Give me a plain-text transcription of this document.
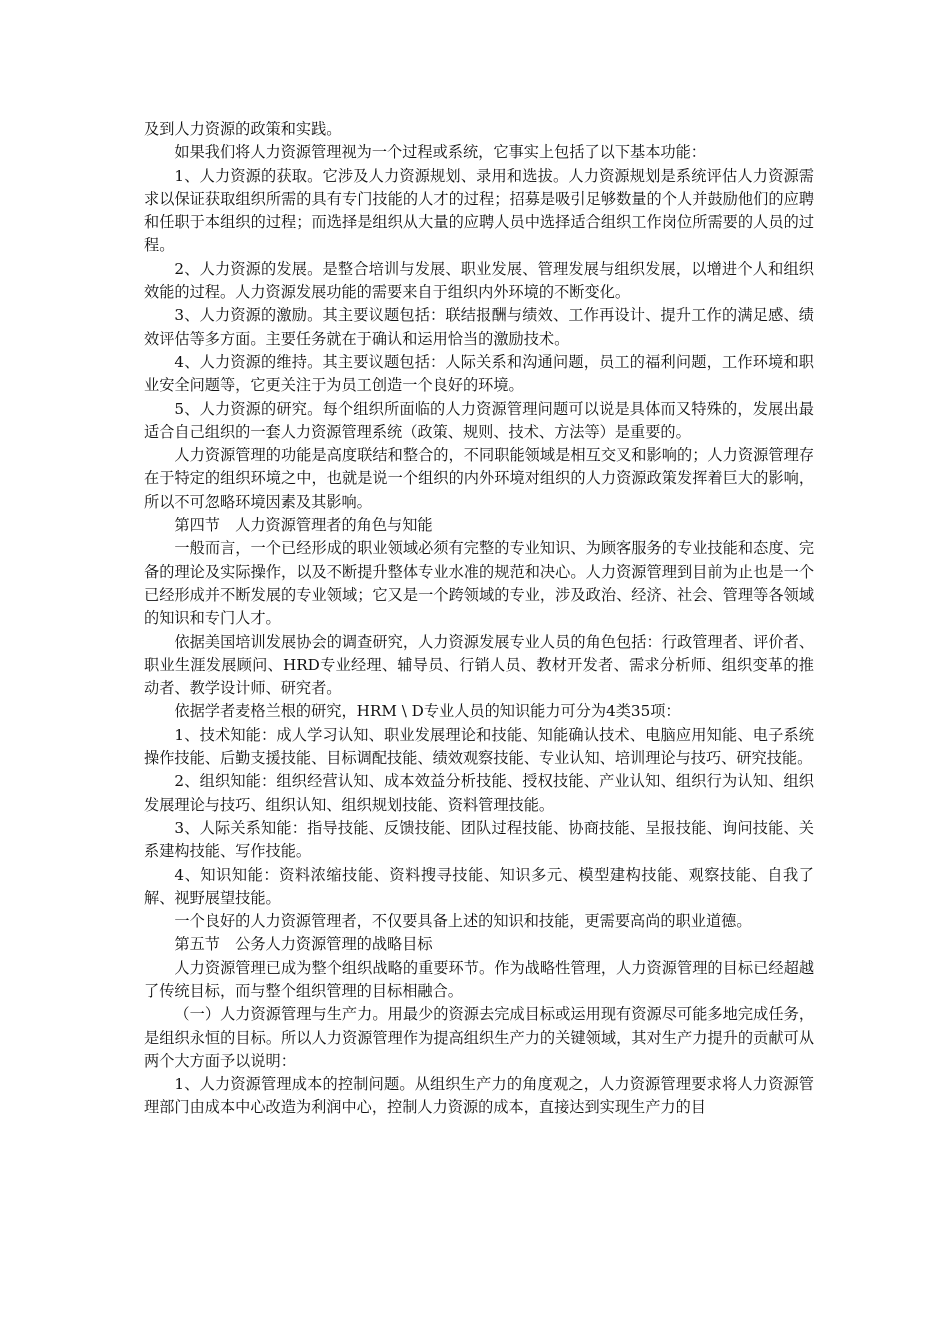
及到人力资源的政策和实践。

如果我们将人力资源管理视为一个过程或系统，它事实上包括了以下基本功能：

1、人力资源的获取。它涉及人力资源规划、录用和选拔。人力资源规划是系统评估人力资源需求以保证获取组织所需的具有专门技能的人才的过程；招募是吸引足够数量的个人并鼓励他们的应聘和任职于本组织的过程；而选择是组织从大量的应聘人员中选择适合组织工作岗位所需要的人员的过程。

2、人力资源的发展。是整合培训与发展、职业发展、管理发展与组织发展，以增进个人和组织效能的过程。人力资源发展功能的需要来自于组织内外环境的不断变化。

3、人力资源的激励。其主要议题包括：联结报酬与绩效、工作再设计、提升工作的满足感、绩效评估等多方面。主要任务就在于确认和运用恰当的激励技术。

4、人力资源的维持。其主要议题包括：人际关系和沟通问题，员工的福利问题，工作环境和职业安全问题等，它更关注于为员工创造一个良好的环境。

5、人力资源的研究。每个组织所面临的人力资源管理问题可以说是具体而又特殊的，发展出最适合自己组织的一套人力资源管理系统（政策、规则、技术、方法等）是重要的。

人力资源管理的功能是高度联结和整合的，不同职能领域是相互交叉和影响的；人力资源管理存在于特定的组织环境之中，也就是说一个组织的内外环境对组织的人力资源政策发挥着巨大的影响，所以不可忽略环境因素及其影响。

第四节　人力资源管理者的角色与知能

一般而言，一个已经形成的职业领域必须有完整的专业知识、为顾客服务的专业技能和态度、完备的理论及实际操作，以及不断提升整体专业水准的规范和决心。人力资源管理到目前为止也是一个已经形成并不断发展的专业领域；它又是一个跨领域的专业，涉及政治、经济、社会、管理等各领域的知识和专门人才。

依据美国培训发展协会的调查研究，人力资源发展专业人员的角色包括：行政管理者、评价者、职业生涯发展顾问、HRD专业经理、辅导员、行销人员、教材开发者、需求分析师、组织变革的推动者、教学设计师、研究者。

依据学者麦格兰根的研究，HRM \ D专业人员的知识能力可分为4类35项：

1、技术知能：成人学习认知、职业发展理论和技能、知能确认技术、电脑应用知能、电子系统操作技能、后勤支援技能、目标调配技能、绩效观察技能、专业认知、培训理论与技巧、研究技能。

2、组织知能：组织经营认知、成本效益分析技能、授权技能、产业认知、组织行为认知、组织发展理论与技巧、组织认知、组织规划技能、资料管理技能。

3、人际关系知能：指导技能、反馈技能、团队过程技能、协商技能、呈报技能、询问技能、关系建构技能、写作技能。

4、知识知能：资料浓缩技能、资料搜寻技能、知识多元、模型建构技能、观察技能、自我了解、视野展望技能。

一个良好的人力资源管理者，不仅要具备上述的知识和技能，更需要高尚的职业道德。

第五节　公务人力资源管理的战略目标

人力资源管理已成为整个组织战略的重要环节。作为战略性管理，人力资源管理的目标已经超越了传统目标，而与整个组织管理的目标相融合。

（一）人力资源管理与生产力。用最少的资源去完成目标或运用现有资源尽可能多地完成任务，是组织永恒的目标。所以人力资源管理作为提高组织生产力的关键领域，其对生产力提升的贡献可从两个大方面予以说明：

1、人力资源管理成本的控制问题。从组织生产力的角度观之，人力资源管理要求将人力资源管理部门由成本中心改造为利润中心，控制人力资源的成本，直接达到实现生产力的目
